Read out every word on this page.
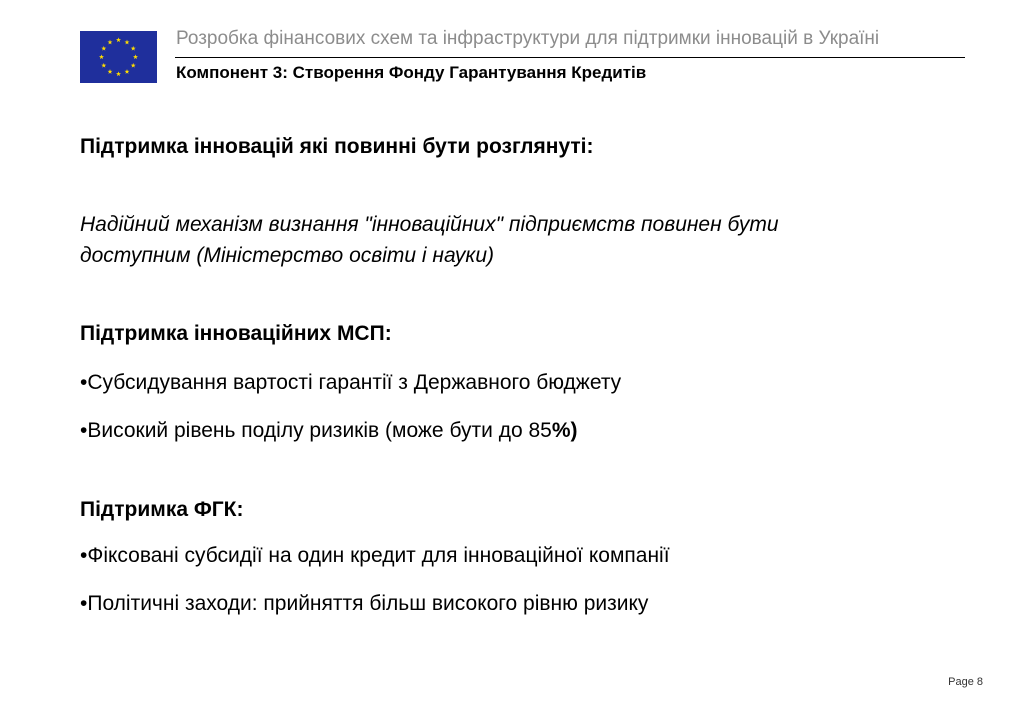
Розробка фінансових схем та інфраструктури для підтримки інновацій в Україні
Компонент 3: Створення Фонду Гарантування Кредитів
Підтримка інновацій які повинні бути розглянуті:
Надійний механізм визнання "інноваційних" підприємств повинен бути
доступним (Міністерство освіти і науки)
Підтримка інноваційних МСП:
•Субсидування вартості гарантії з Державного бюджету
•Високий рівень поділу ризиків (може бути до 85%)
Підтримка ФГК:
•Фіксовані субсидії на один кредит для інноваційної компанії
•Політичні заходи: прийняття більш високого рівню ризику
Page 8
